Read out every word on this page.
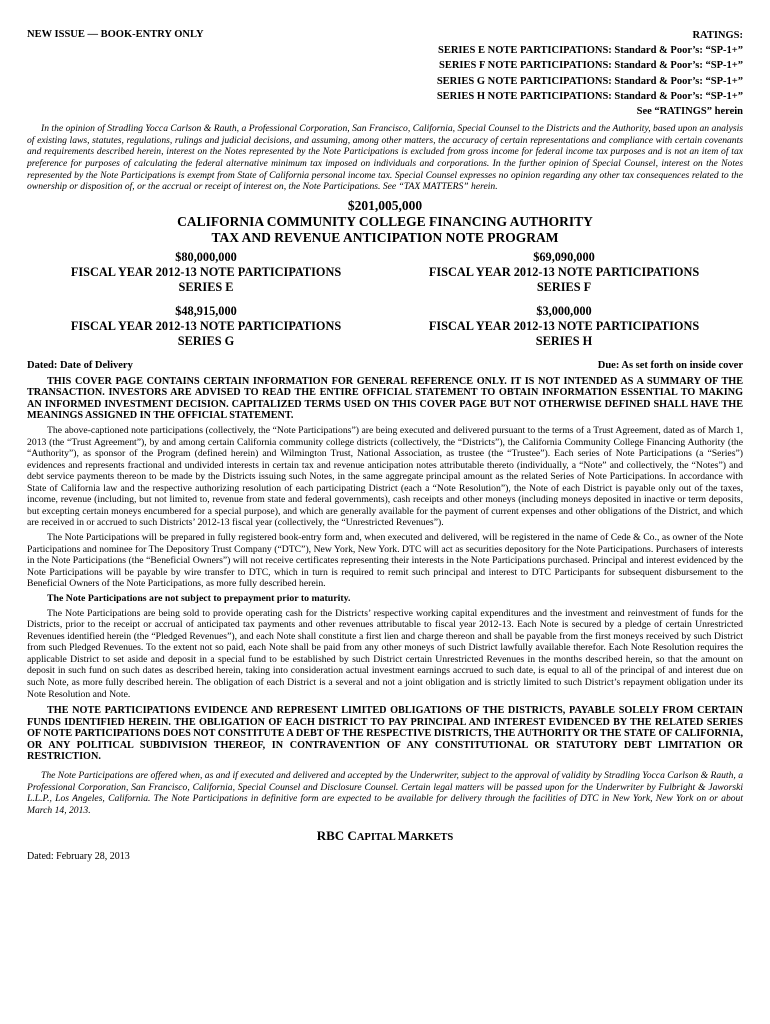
NEW ISSUE — BOOK-ENTRY ONLY	RATINGS:
SERIES E NOTE PARTICIPATIONS: Standard & Poor’s: “SP-1+”
SERIES F NOTE PARTICIPATIONS: Standard & Poor’s: “SP-1+”
SERIES G NOTE PARTICIPATIONS: Standard & Poor’s: “SP-1+”
SERIES H NOTE PARTICIPATIONS: Standard & Poor’s: “SP-1+”
See “RATINGS” herein

In the opinion of Stradling Yocca Carlson & Rauth, a Professional Corporation, San Francisco, California, Special Counsel to the Districts and the Authority, based upon an analysis of existing laws, statutes, regulations, rulings and judicial decisions, and assuming, among other matters, the accuracy of certain representations and compliance with certain covenants and requirements described herein, interest on the Notes represented by the Note Participations is excluded from gross income for federal income tax purposes and is not an item of tax preference for purposes of calculating the federal alternative minimum tax imposed on individuals and corporations. In the further opinion of Special Counsel, interest on the Notes represented by the Note Participations is exempt from State of California personal income tax. Special Counsel expresses no opinion regarding any other tax consequences related to the ownership or disposition of, or the accrual or receipt of interest on, the Note Participations. See “TAX MATTERS” herein.

$201,005,000
CALIFORNIA COMMUNITY COLLEGE FINANCING AUTHORITY
TAX AND REVENUE ANTICIPATION NOTE PROGRAM
$80,000,000
FISCAL YEAR 2012-13 NOTE PARTICIPATIONS
SERIES E
$69,090,000
FISCAL YEAR 2012-13 NOTE PARTICIPATIONS
SERIES F
$48,915,000
FISCAL YEAR 2012-13 NOTE PARTICIPATIONS
SERIES G
$3,000,000
FISCAL YEAR 2012-13 NOTE PARTICIPATIONS
SERIES H
Dated: Date of Delivery	Due: As set forth on inside cover

THIS COVER PAGE CONTAINS CERTAIN INFORMATION FOR GENERAL REFERENCE ONLY. IT IS NOT INTENDED AS A SUMMARY OF THE TRANSACTION. INVESTORS ARE ADVISED TO READ THE ENTIRE OFFICIAL STATEMENT TO OBTAIN INFORMATION ESSENTIAL TO MAKING AN INFORMED INVESTMENT DECISION. CAPITALIZED TERMS USED ON THIS COVER PAGE BUT NOT OTHERWISE DEFINED SHALL HAVE THE MEANINGS ASSIGNED IN THE OFFICIAL STATEMENT.

The above-captioned note participations (collectively, the “Note Participations”) are being executed and delivered pursuant to the terms of a Trust Agreement, dated as of March 1, 2013 (the “Trust Agreement”), by and among certain California community college districts (collectively, the “Districts”), the California Community College Financing Authority (the “Authority”), as sponsor of the Program (defined herein) and Wilmington Trust, National Association, as trustee (the “Trustee”). Each series of Note Participations (a “Series”) evidences and represents fractional and undivided interests in certain tax and revenue anticipation notes attributable thereto (individually, a “Note” and collectively, the “Notes”) and debt service payments thereon to be made by the Districts issuing such Notes, in the same aggregate principal amount as the related Series of Note Participations. In accordance with State of California law and the respective authorizing resolution of each participating District (each a “Note Resolution”), the Note of each District is payable only out of the taxes, income, revenue (including, but not limited to, revenue from state and federal governments), cash receipts and other moneys (including moneys deposited in inactive or term deposits, but excepting certain moneys encumbered for a special purpose), and which are generally available for the payment of current expenses and other obligations of the District, and which are received in or accrued to such Districts’ 2012-13 fiscal year (collectively, the “Unrestricted Revenues”).

The Note Participations will be prepared in fully registered book-entry form and, when executed and delivered, will be registered in the name of Cede & Co., as owner of the Note Participations and nominee for The Depository Trust Company (“DTC”), New York, New York. DTC will act as securities depository for the Note Participations. Purchasers of interests in the Note Participations (the “Beneficial Owners”) will not receive certificates representing their interests in the Note Participations purchased. Principal and interest evidenced by the Note Participations will be payable by wire transfer to DTC, which in turn is required to remit such principal and interest to DTC Participants for subsequent disbursement to the Beneficial Owners of the Note Participations, as more fully described herein.

The Note Participations are not subject to prepayment prior to maturity.

The Note Participations are being sold to provide operating cash for the Districts’ respective working capital expenditures and the investment and reinvestment of funds for the Districts, prior to the receipt or accrual of anticipated tax payments and other revenues attributable to fiscal year 2012-13. Each Note is secured by a pledge of certain Unrestricted Revenues identified herein (the “Pledged Revenues”), and each Note shall constitute a first lien and charge thereon and shall be payable from the first moneys received by such District from such Pledged Revenues. To the extent not so paid, each Note shall be paid from any other moneys of such District lawfully available therefor. Each Note Resolution requires the applicable District to set aside and deposit in a special fund to be established by such District certain Unrestricted Revenues in the months described herein, so that the amount on deposit in such fund on such dates as described herein, taking into consideration actual investment earnings accrued to such date, is equal to all of the principal of and interest due on such Note, as more fully described herein. The obligation of each District is a several and not a joint obligation and is strictly limited to such District’s repayment obligation under its Note Resolution and Note.

THE NOTE PARTICIPATIONS EVIDENCE AND REPRESENT LIMITED OBLIGATIONS OF THE DISTRICTS, PAYABLE SOLELY FROM CERTAIN FUNDS IDENTIFIED HEREIN. THE OBLIGATION OF EACH DISTRICT TO PAY PRINCIPAL AND INTEREST EVIDENCED BY THE RELATED SERIES OF NOTE PARTICIPATIONS DOES NOT CONSTITUTE A DEBT OF THE RESPECTIVE DISTRICTS, THE AUTHORITY OR THE STATE OF CALIFORNIA, OR ANY POLITICAL SUBDIVISION THEREOF, IN CONTRAVENTION OF ANY CONSTITUTIONAL OR STATUTORY DEBT LIMITATION OR RESTRICTION.

The Note Participations are offered when, as and if executed and delivered and accepted by the Underwriter, subject to the approval of validity by Stradling Yocca Carlson & Rauth, a Professional Corporation, San Francisco, California, Special Counsel and Disclosure Counsel. Certain legal matters will be passed upon for the Underwriter by Fulbright & Jaworski L.L.P., Los Angeles, California. The Note Participations in definitive form are expected to be available for delivery through the facilities of DTC in New York, New York on or about March 14, 2013.

RBC CAPITAL MARKETS
Dated: February 28, 2013
